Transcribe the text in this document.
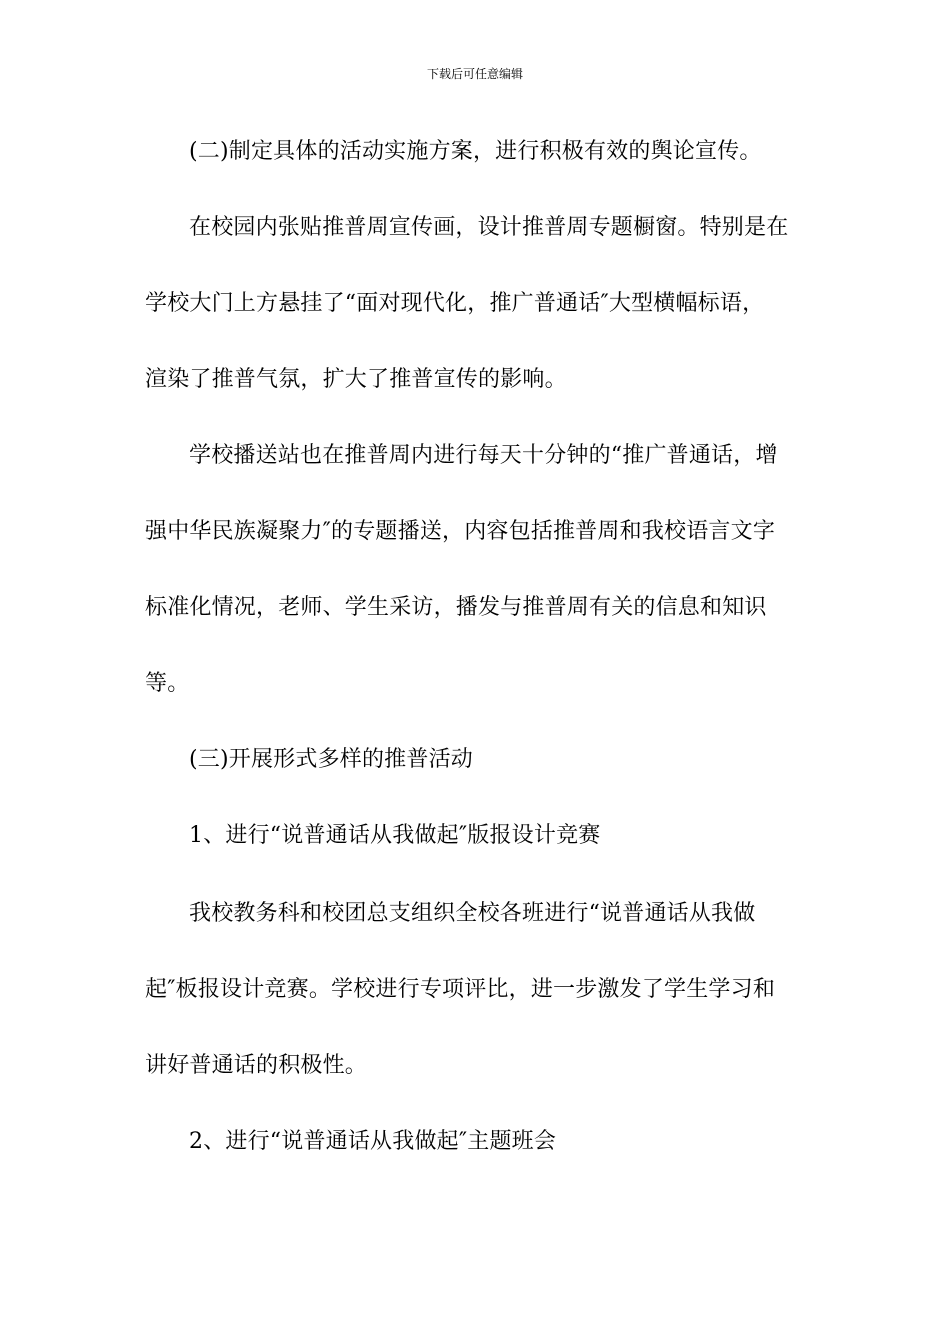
下载后可任意编辑
(二)制定具体的活动实施方案，进行积极有效的舆论宣传。
在校园内张贴推普周宣传画，设计推普周专题橱窗。特别是在
学校大门上方悬挂了“面对现代化，推广普通话″大型横幅标语，
渲染了推普气氛，扩大了推普宣传的影响。
学校播送站也在推普周内进行每天十分钟的“推广普通话，增
强中华民族凝聚力″的专题播送，内容包括推普周和我校语言文字
标准化情况，老师、学生采访，播发与推普周有关的信息和知识
等。
(三)开展形式多样的推普活动
1、进行“说普通话从我做起″版报设计竞赛
我校教务科和校团总支组织全校各班进行“说普通话从我做
起″板报设计竞赛。学校进行专项评比，进一步激发了学生学习和
讲好普通话的积极性。
2、进行“说普通话从我做起″主题班会
